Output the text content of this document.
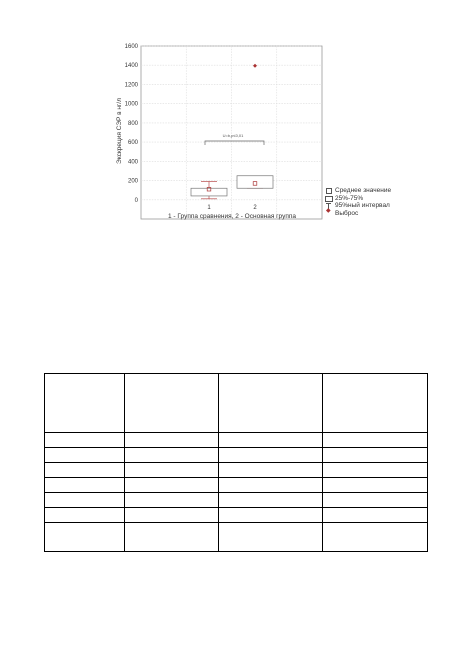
0
200
400
600
800
1000
1200
1400
1600
1	2
U=b,p≤0,01
Экскреция СЭР в нг/л
1 - Группа сравнения, 2 - Основная группа
Среднее значение
25%-75%
95%ный интервал
◆
Выброс
